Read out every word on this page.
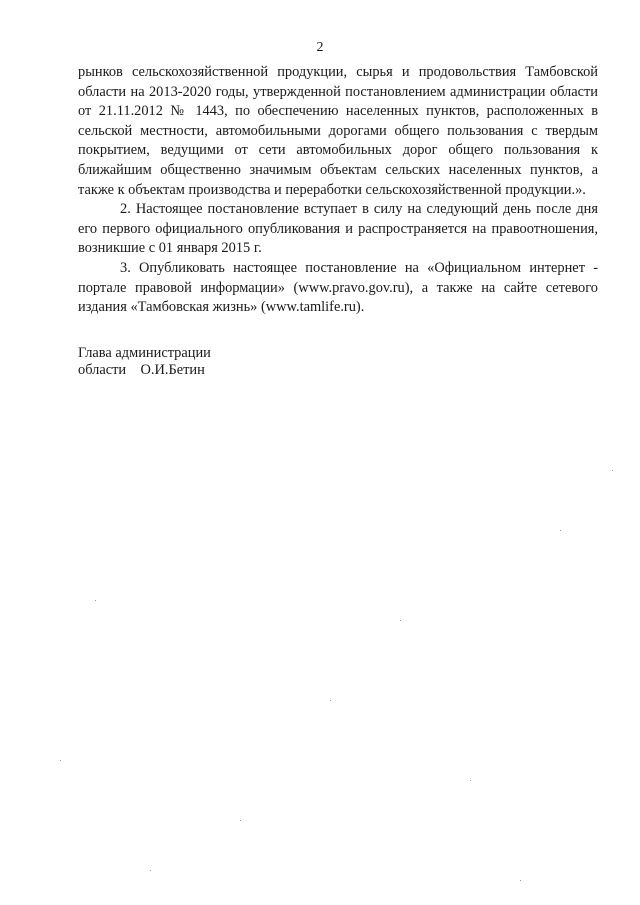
2

рынков сельскохозяйственной продукции, сырья и продовольствия Тамбовской области на 2013-2020 годы, утвержденной постановлением администрации области от 21.11.2012 № 1443, по обеспечению населенных пунктов, расположенных в сельской местности, автомобильными дорогами общего пользования с твердым покрытием, ведущими от сети автомобильных дорог общего пользования к ближайшим общественно значимым объектам сельских населенных пунктов, а также к объектам производства и переработки сельскохозяйственной продукции.».

2. Настоящее постановление вступает в силу на следующий день после дня его первого официального опубликования и распространяется на правоотношения, возникшие с 01 января 2015 г.

3. Опубликовать настоящее постановление на «Официальном интернет - портале правовой информации» (www.pravo.gov.ru), а также на сайте сетевого издания «Тамбовская жизнь» (www.tamlife.ru).

Глава администрации
области    О.И.Бетин
